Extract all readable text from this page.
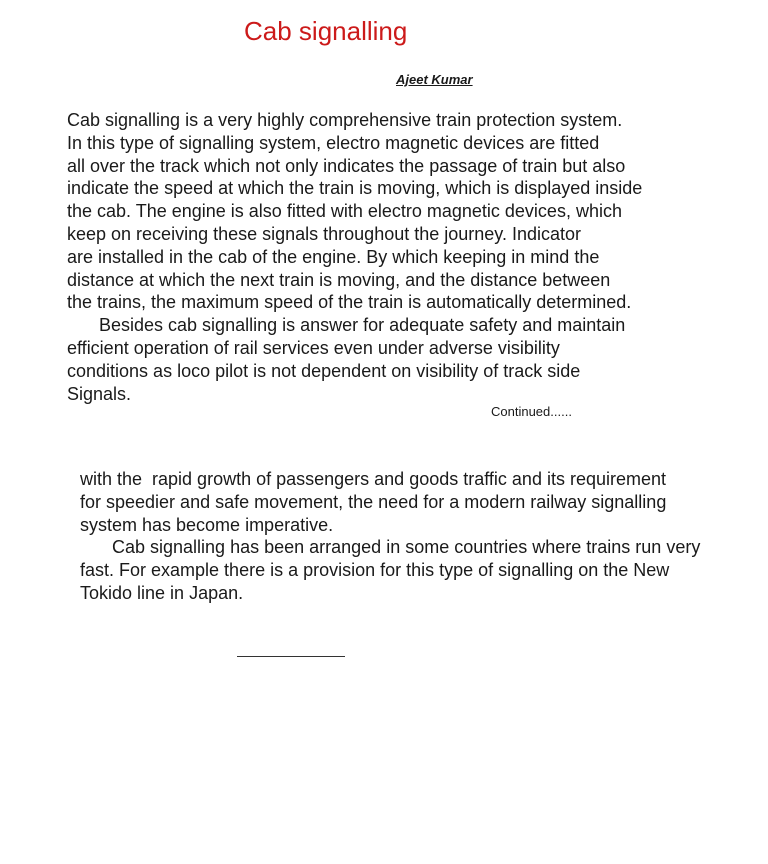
Cab signalling
Ajeet Kumar
Cab signalling is a very highly comprehensive train protection system.
In this type of signalling system, electro magnetic devices are fitted
all over the track which not only indicates the passage of train but also
indicate the speed at which the train is moving, which is displayed inside
the cab. The engine is also fitted with electro magnetic devices, which
keep on receiving these signals throughout the journey. Indicator
are installed in the cab of the engine. By which keeping in mind the
distance at which the next train is moving, and the distance between
the trains, the maximum speed of the train is automatically determined.
Besides cab signalling is answer for adequate safety and maintain
efficient operation of rail services even under adverse visibility
conditions as loco pilot is not dependent on visibility of track side
Signals.
Continued......
with the  rapid growth of passengers and goods traffic and its requirement
for speedier and safe movement, the need for a modern railway signalling
system has become imperative.
Cab signalling has been arranged in some countries where trains run very
fast. For example there is a provision for this type of signalling on the New
Tokido line in Japan.
